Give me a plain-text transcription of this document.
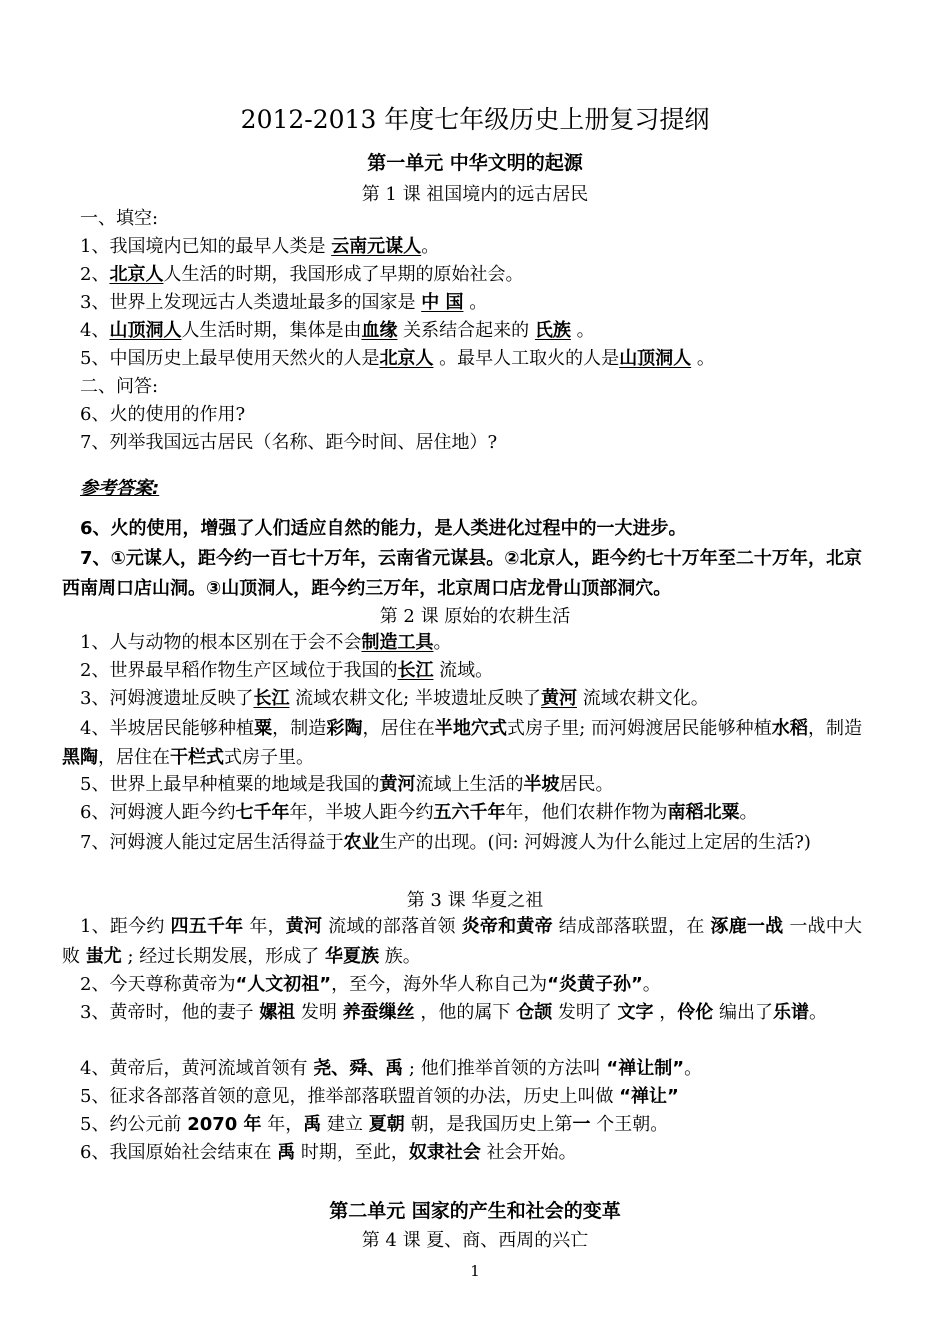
2012-2013 年度七年级历史上册复习提纲
第一单元 中华文明的起源
第 1 课 祖国境内的远古居民
一、填空:
1、我国境内已知的最早人类是 云南元谋人。
2、北京人人生活的时期，我国形成了早期的原始社会。
3、世界上发现远古人类遗址最多的国家是 中 国 。
4、山顶洞人人生活时期，集体是由血缘 关系结合起来的 氏族 。
5、中国历史上最早使用天然火的人是北京人 。最早人工取火的人是山顶洞人 。
二、问答:
6、火的使用的作用?
7、列举我国远古居民（名称、距今时间、居住地）?
参考答案:
6、火的使用，增强了人们适应自然的能力，是人类进化过程中的一大进步。
7、①元谋人，距今约一百七十万年，云南省元谋县。②北京人，距今约七十万年至二十万年，北京西南周口店山洞。③山顶洞人，距今约三万年，北京周口店龙骨山顶部洞穴。
第 2 课 原始的农耕生活
1、人与动物的根本区别在于会不会制造工具。
2、世界最早稻作物生产区域位于我国的长江 流域。
3、河姆渡遗址反映了长江 流域农耕文化; 半坡遗址反映了黄河 流域农耕文化。
4、半坡居民能够种植粟，制造彩陶，居住在半地穴式式房子里; 而河姆渡居民能够种植水稻，制造黑陶，居住在干栏式式房子里。
5、世界上最早种植粟的地域是我国的黄河流域上生活的半坡居民。
6、河姆渡人距今约七千年年，半坡人距今约五六千年年，他们农耕作物为南稻北粟。
7、河姆渡人能过定居生活得益于农业生产的出现。(问: 河姆渡人为什么能过上定居的生活?)
第 3 课 华夏之祖
1、距今约 四五千年 年，黄河 流域的部落首领 炎帝和黄帝 结成部落联盟，在 涿鹿一战 一战中大败 蚩尤 ; 经过长期发展，形成了 华夏族 族。
2、今天尊称黄帝为“人文初祖”，至今，海外华人称自己为“炎黄子孙”。
3、黄帝时，他的妻子 嫘祖 发明 养蚕缫丝 ，他的属下 仓颉 发明了 文字 ，伶伦 编出了乐谱。
4、黄帝后，黄河流域首领有 尧、舜、禹 ; 他们推举首领的方法叫 “禅让制”。
5、征求各部落首领的意见，推举部落联盟首领的办法，历史上叫做 “禅让”
5、约公元前 2070 年 年，禹 建立 夏朝 朝，是我国历史上第一 个王朝。
6、我国原始社会结束在 禹 时期，至此，奴隶社会 社会开始。
第二单元 国家的产生和社会的变革
第 4 课 夏、商、西周的兴亡
1
